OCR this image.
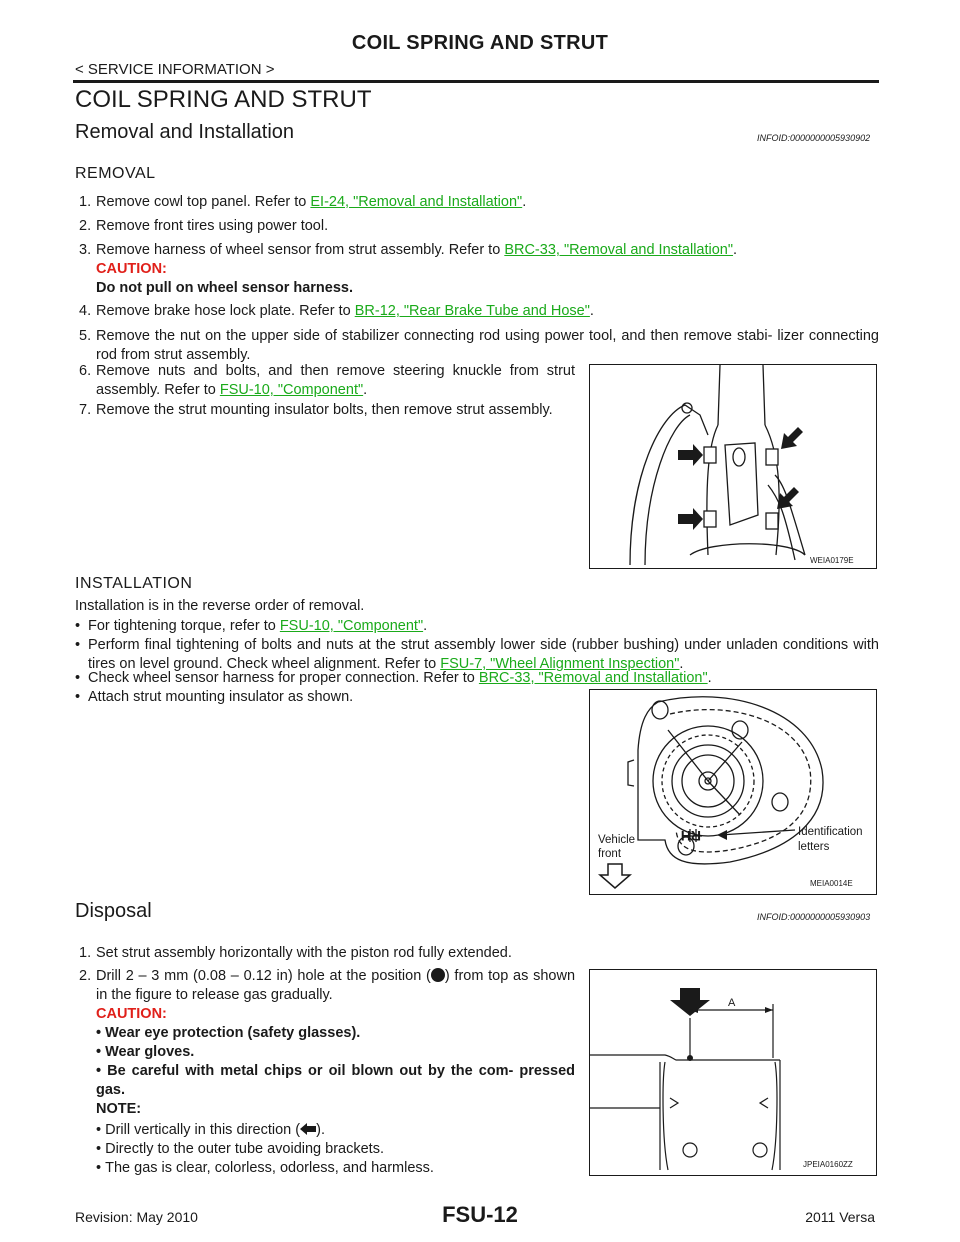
COIL SPRING AND STRUT
< SERVICE INFORMATION >
COIL SPRING AND STRUT
Removal and Installation	INFOID:0000000005930902
REMOVAL
1. Remove cowl top panel. Refer to EI-24, "Removal and Installation".
2. Remove front tires using power tool.
3. Remove harness of wheel sensor from strut assembly. Refer to BRC-33, "Removal and Installation".
CAUTION:
Do not pull on wheel sensor harness.
4. Remove brake hose lock plate. Refer to BR-12, "Rear Brake Tube and Hose".
5. Remove the nut on the upper side of stabilizer connecting rod using power tool, and then remove stabi- lizer connecting rod from strut assembly.
6. Remove nuts and bolts, and then remove steering knuckle from strut assembly. Refer to FSU-10, "Component".
7. Remove the strut mounting insulator bolts, then remove strut assembly.
WEIA0179E
INSTALLATION
Installation is in the reverse order of removal.
• For tightening torque, refer to FSU-10, "Component".
• Perform final tightening of bolts and nuts at the strut assembly lower side (rubber bushing) under unladen conditions with tires on level ground. Check wheel alignment. Refer to FSU-7, "Wheel Alignment Inspection".
• Check wheel sensor harness for proper connection. Refer to BRC-33, "Removal and Installation".
• Attach strut mounting insulator as shown.
RH
Vehicle
front
Identification
letters
MEIA0014E
Disposal	INFOID:0000000005930903
1. Set strut assembly horizontally with the piston rod fully extended.
2. Drill 2 – 3 mm (0.08 – 0.12 in) hole at the position ( ) from top as shown in the figure to release gas gradually.
CAUTION:
• Wear eye protection (safety glasses).
• Wear gloves.
• Be careful with metal chips or oil blown out by the com- pressed gas.
NOTE:

• Drill vertically in this direction ( ).
• Directly to the outer tube avoiding brackets.
• The gas is clear, colorless, odorless, and harmless.
A
JPEIA0160ZZ
Revision: May 2010	FSU-12	2011 Versa
